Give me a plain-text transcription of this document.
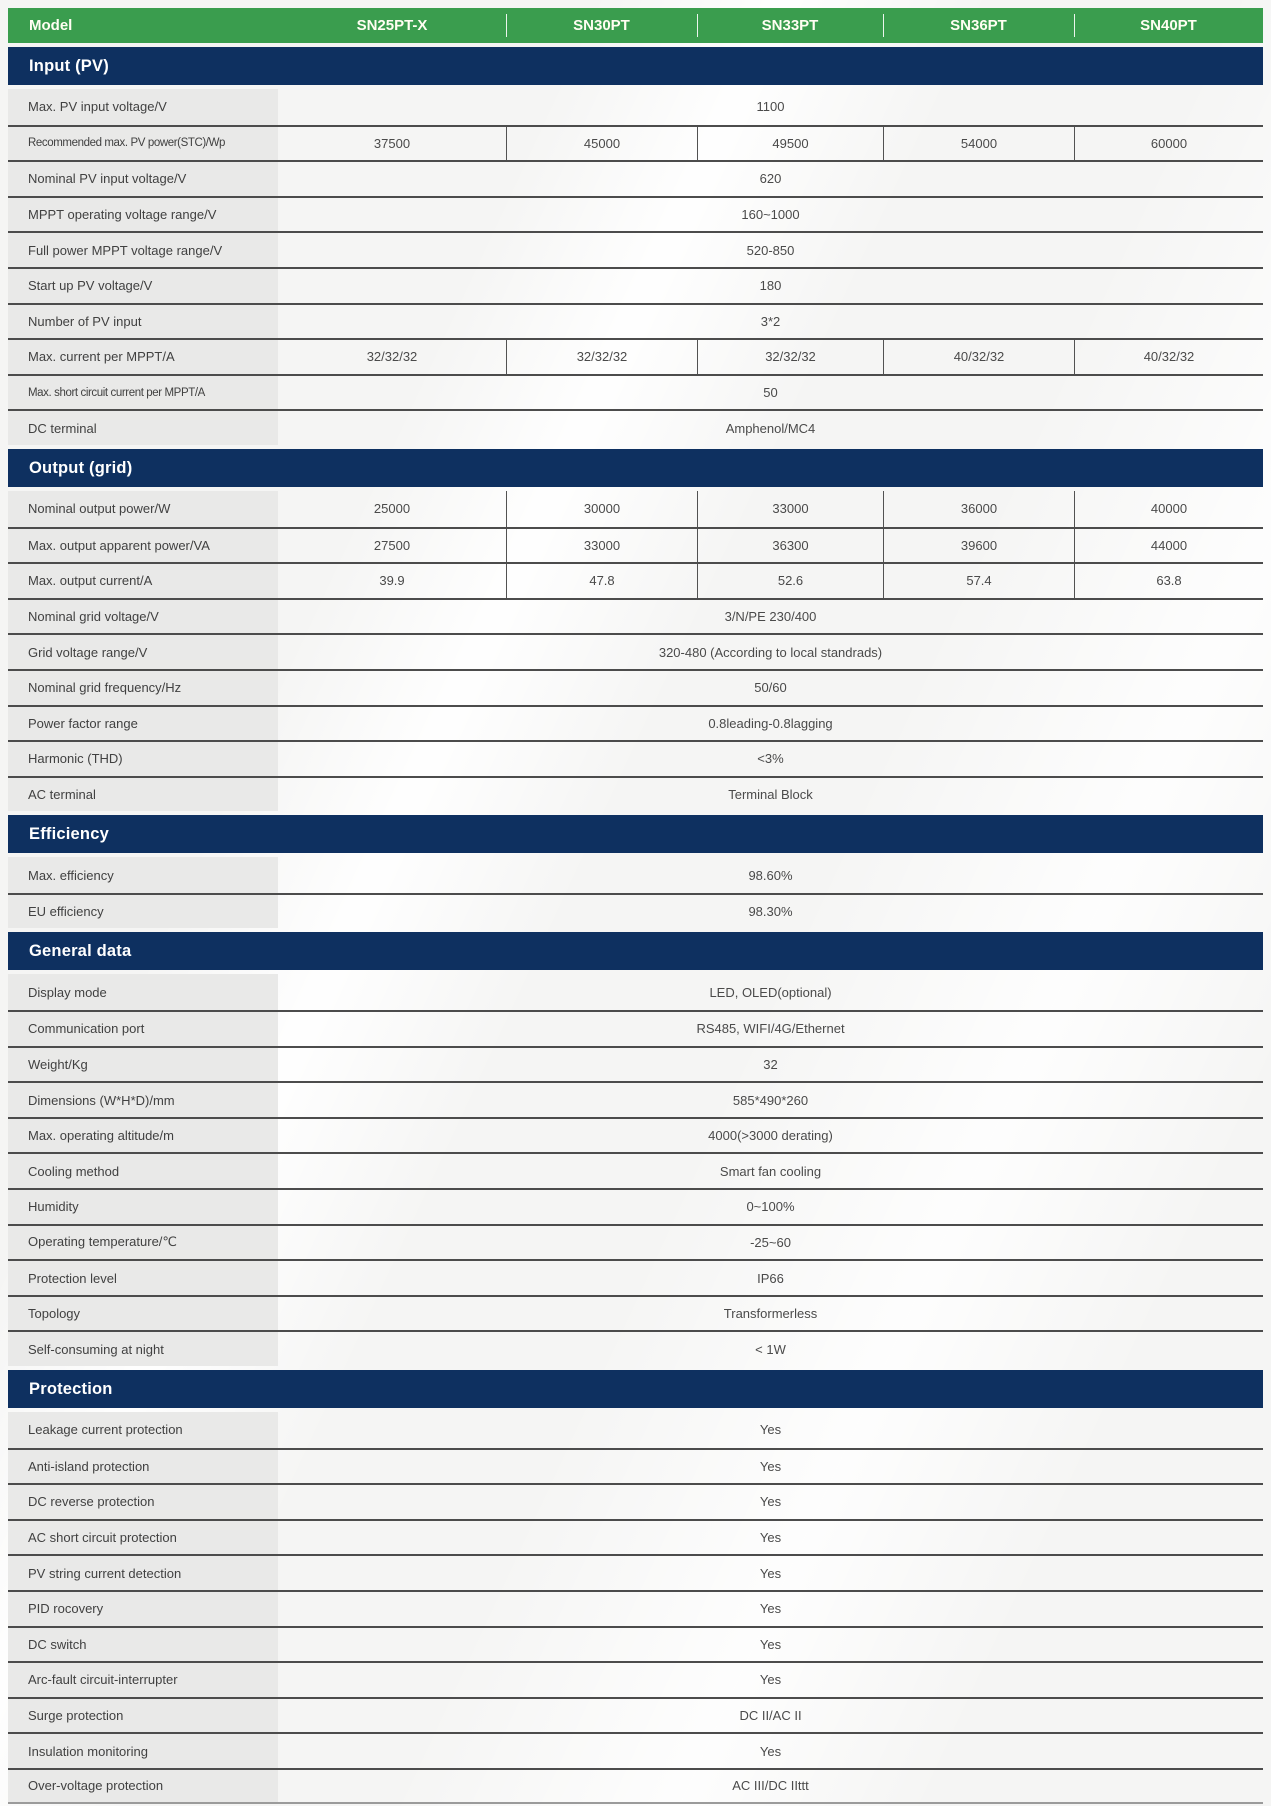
Model	SN25PT-X	SN30PT	SN33PT	SN36PT	SN40PT
Input (PV)
Max. PV input voltage/V	1100
Recommended max. PV power(STC)/Wp	37500	45000	49500	54000	60000
Nominal PV input voltage/V	620
MPPT operating voltage range/V	160~1000
Full power MPPT voltage range/V	520-850
Start up PV voltage/V	180
Number of PV input	3*2
Max. current per MPPT/A	32/32/32	32/32/32	32/32/32	40/32/32	40/32/32
Max. short circuit current per MPPT/A	50
DC terminal	Amphenol/MC4
Output (grid)
Nominal output power/W	25000	30000	33000	36000	40000
Max. output apparent power/VA	27500	33000	36300	39600	44000
Max. output current/A	39.9	47.8	52.6	57.4	63.8
Nominal grid voltage/V	3/N/PE 230/400
Grid voltage range/V	320-480 (According to local standrads)
Nominal grid frequency/Hz	50/60
Power factor range	0.8leading-0.8lagging
Harmonic (THD)	<3%
AC terminal	Terminal Block
Efficiency
Max. efficiency	98.60%
EU efficiency	98.30%
General data
Display mode	LED, OLED(optional)
Communication port	RS485, WIFI/4G/Ethernet
Weight/Kg	32
Dimensions (W*H*D)/mm	585*490*260
Max. operating altitude/m	4000(>3000 derating)
Cooling method	Smart fan cooling
Humidity	0~100%
Operating temperature/℃	-25~60
Protection level	IP66
Topology	Transformerless
Self-consuming at night	< 1W
Protection
Leakage current protection	Yes
Anti-island protection	Yes
DC reverse protection	Yes
AC short circuit protection	Yes
PV string current detection	Yes
PID rocovery	Yes
DC switch	Yes
Arc-fault circuit-interrupter	Yes
Surge protection	DC II/AC II
Insulation monitoring	Yes
Over-voltage protection	AC III/DC IIttt
